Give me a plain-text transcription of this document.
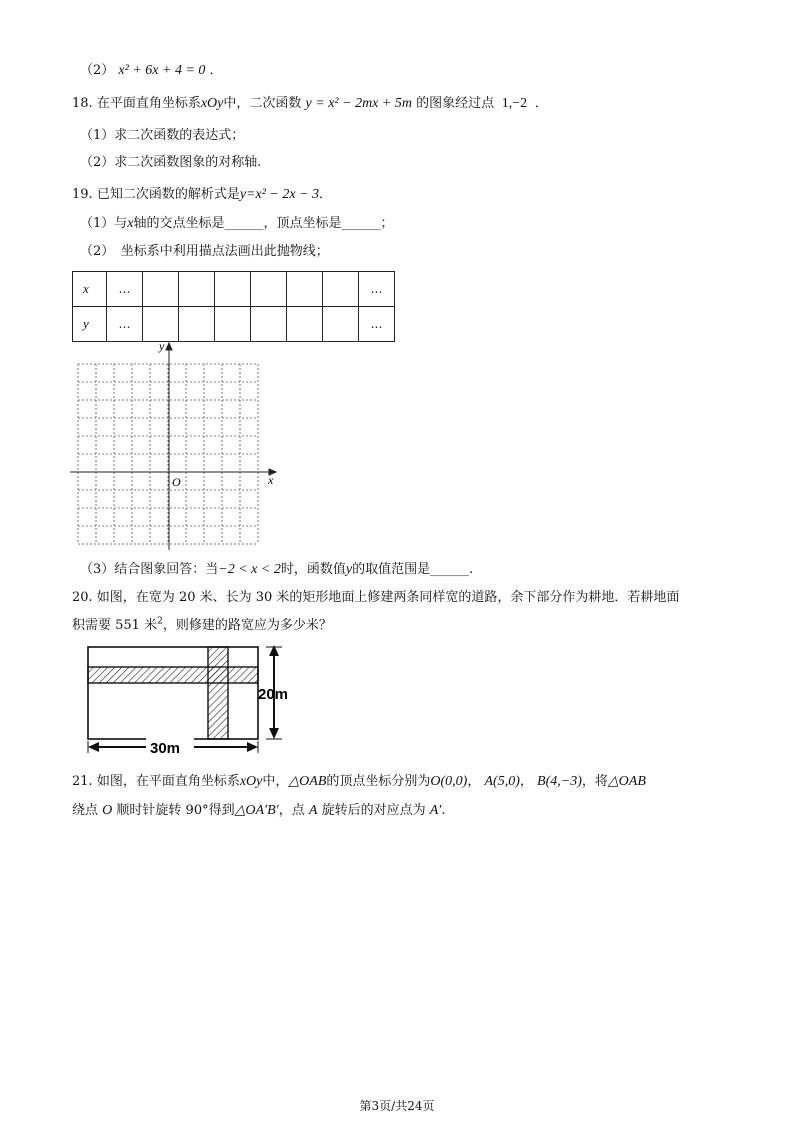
（2） x² + 6x + 4 = 0 ．
18. 在平面直角坐标系xOy中，二次函数 y = x² − 2mx + 5m 的图象经过点 1,−2 ．
（1）求二次函数的表达式；
（2）求二次函数图象的对称轴.
19. 已知二次函数的解析式是y=x² − 2x − 3．
（1）与x轴的交点坐标是______，顶点坐标是______；
（2）　坐标系中利用描点法画出此抛物线；
x	…							…
y	…							…
y
x
O
（3）结合图象回答：当−2 < x < 2时，函数值y的取值范围是______.
20. 如图，在宽为 20 米、长为 30 米的矩形地面上修建两条同样宽的道路，余下部分作为耕地．若耕地面
积需要 551 米$^2$，则修建的路宽应为多少米？
20m
30m
21. 如图，在平面直角坐标系xOy中，△OAB的顶点坐标分别为O(0,0)， A(5,0)， B(4,−3)，将△OAB
绕点 O 顺时针旋转 90°得到△OA′B′，点 A 旋转后的对应点为 A′.
第3页/共24页
